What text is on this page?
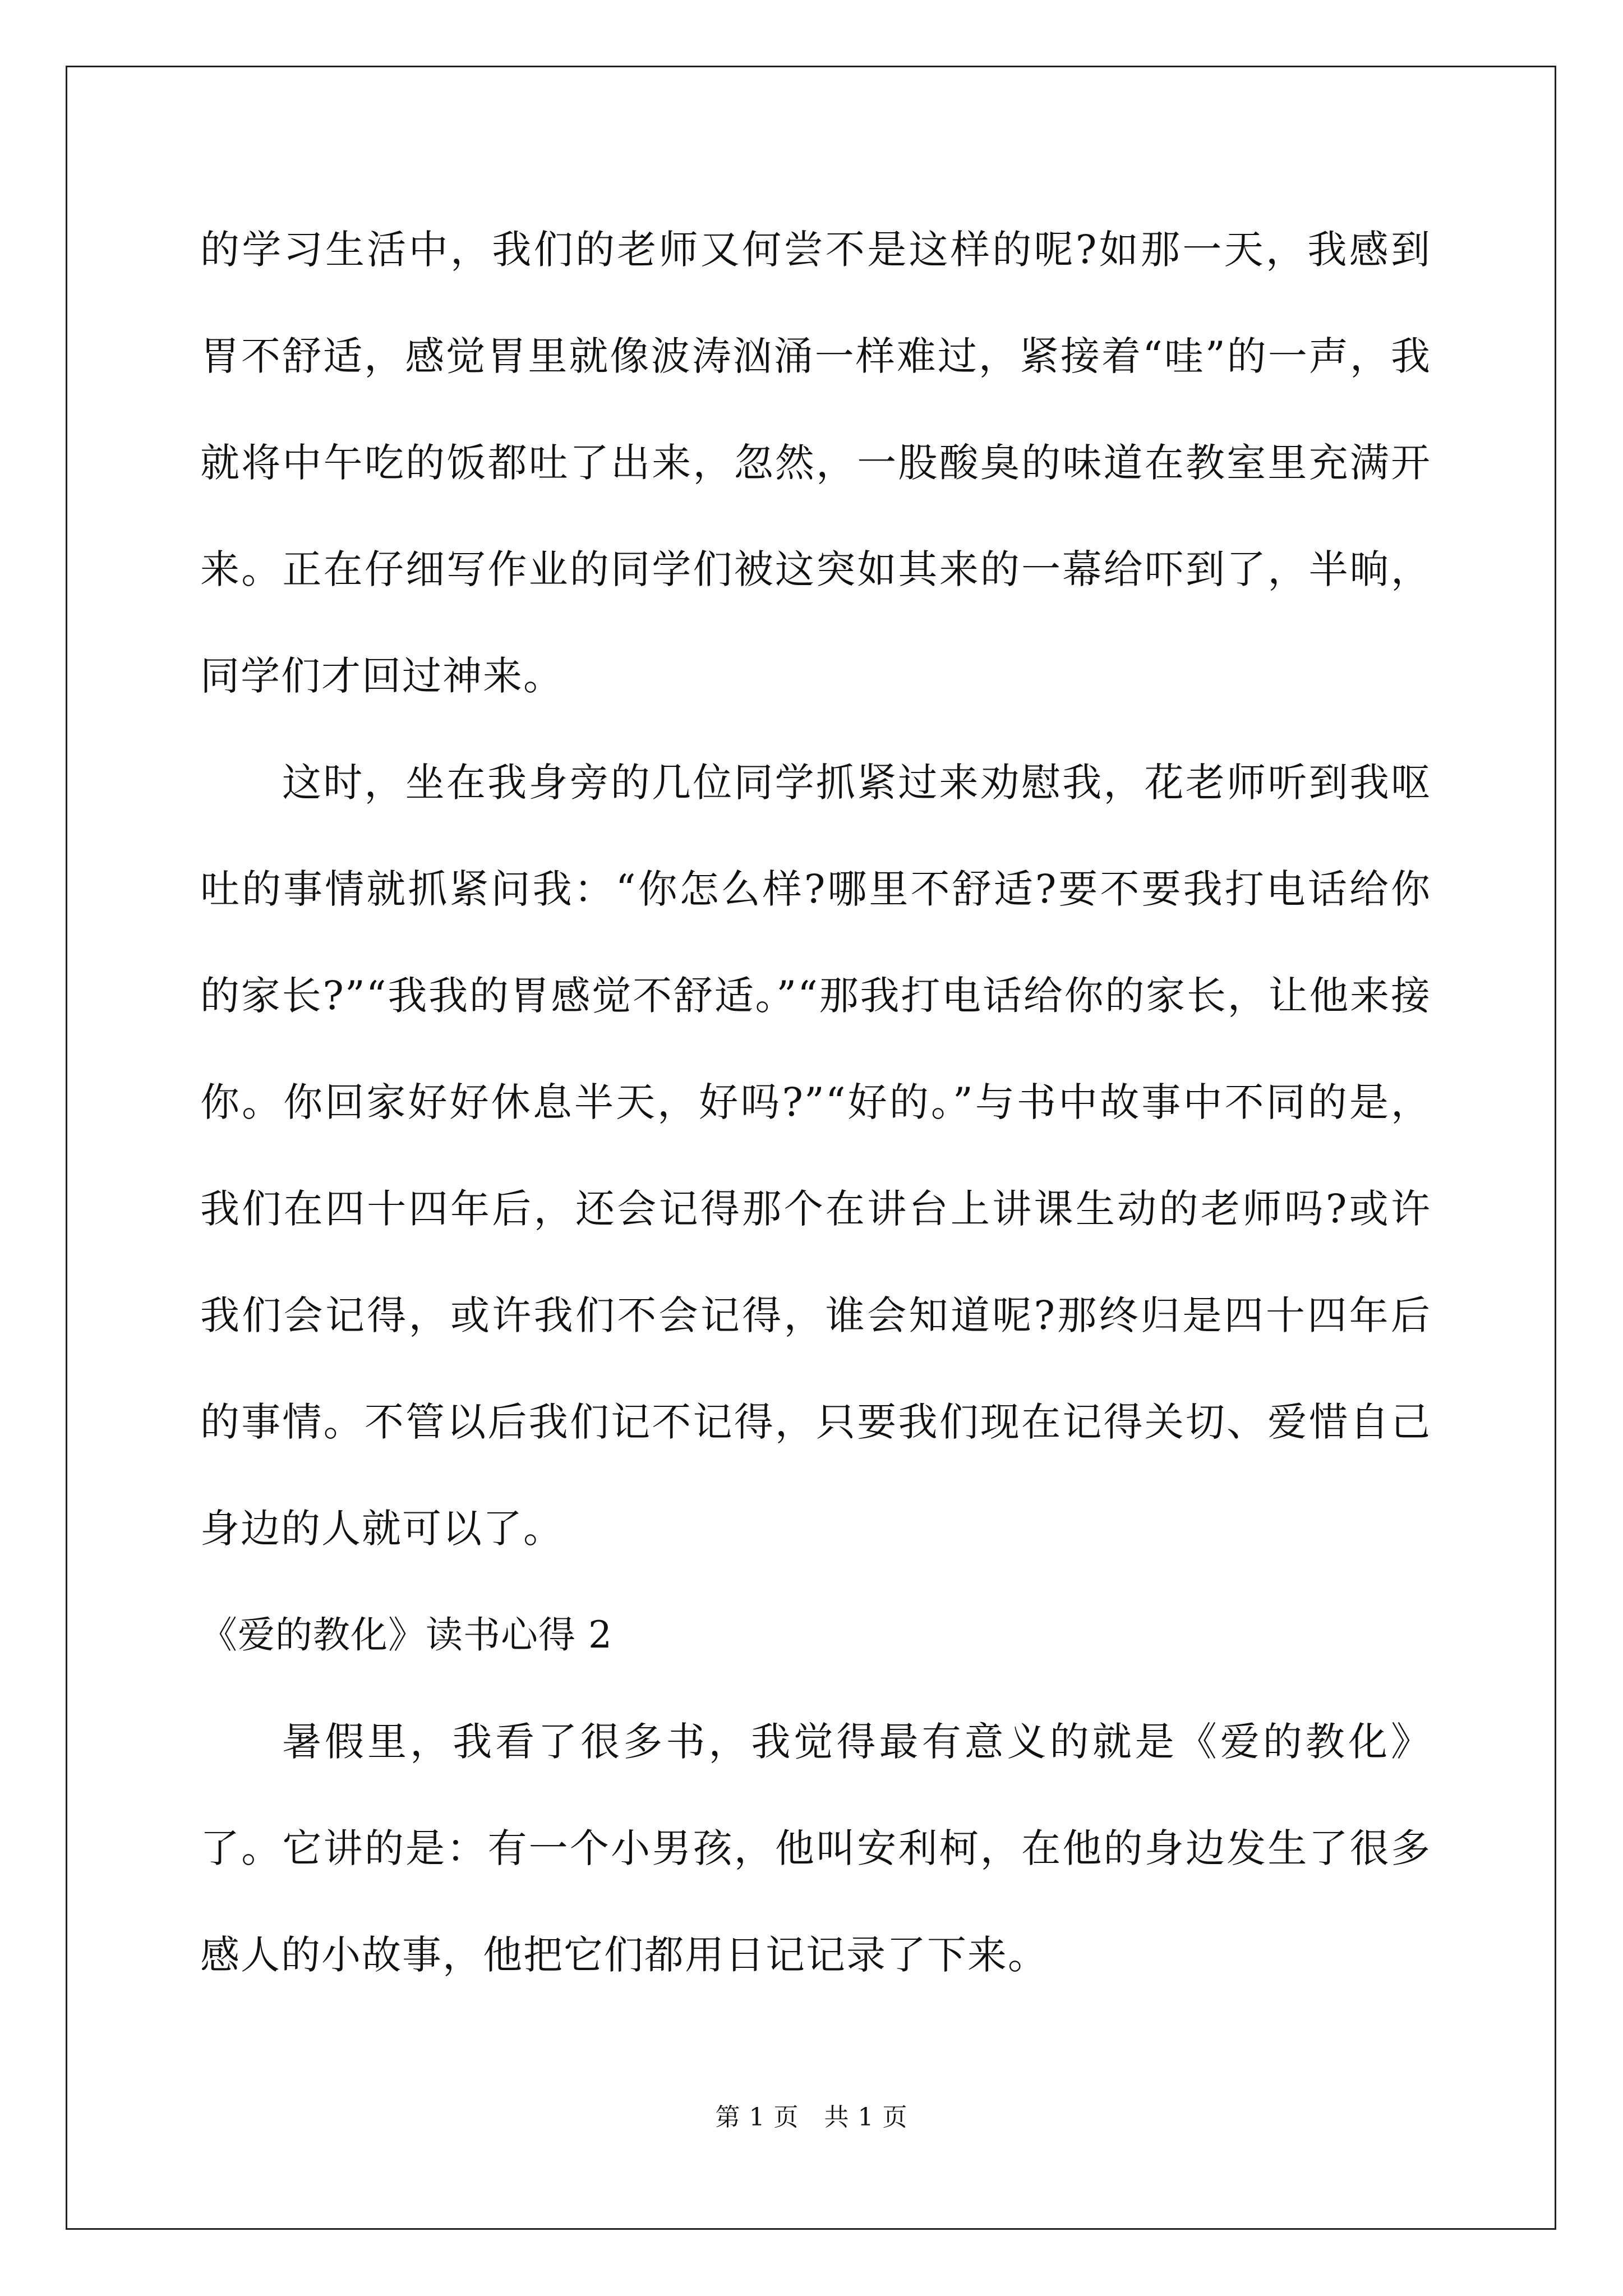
的学习生活中，我们的老师又何尝不是这样的呢?如那一天，我感到胃不舒适，感觉胃里就像波涛汹涌一样难过，紧接着“哇”的一声，我就将中午吃的饭都吐了出来，忽然，一股酸臭的味道在教室里充满开来。正在仔细写作业的同学们被这突如其来的一幕给吓到了，半晌，同学们才回过神来。

这时，坐在我身旁的几位同学抓紧过来劝慰我，花老师听到我呕吐的事情就抓紧问我：“你怎么样?哪里不舒适?要不要我打电话给你的家长?”“我我的胃感觉不舒适。”“那我打电话给你的家长，让他来接你。你回家好好休息半天，好吗?”“好的。”与书中故事中不同的是，我们在四十四年后，还会记得那个在讲台上讲课生动的老师吗?或许我们会记得，或许我们不会记得，谁会知道呢?那终归是四十四年后的事情。不管以后我们记不记得，只要我们现在记得关切、爱惜自己身边的人就可以了。

《爱的教化》读书心得 2

暑假里，我看了很多书，我觉得最有意义的就是《爱的教化》了。它讲的是：有一个小男孩，他叫安利柯，在他的身边发生了很多感人的小故事，他把它们都用日记记录了下来。

第 1 页   共 1 页
